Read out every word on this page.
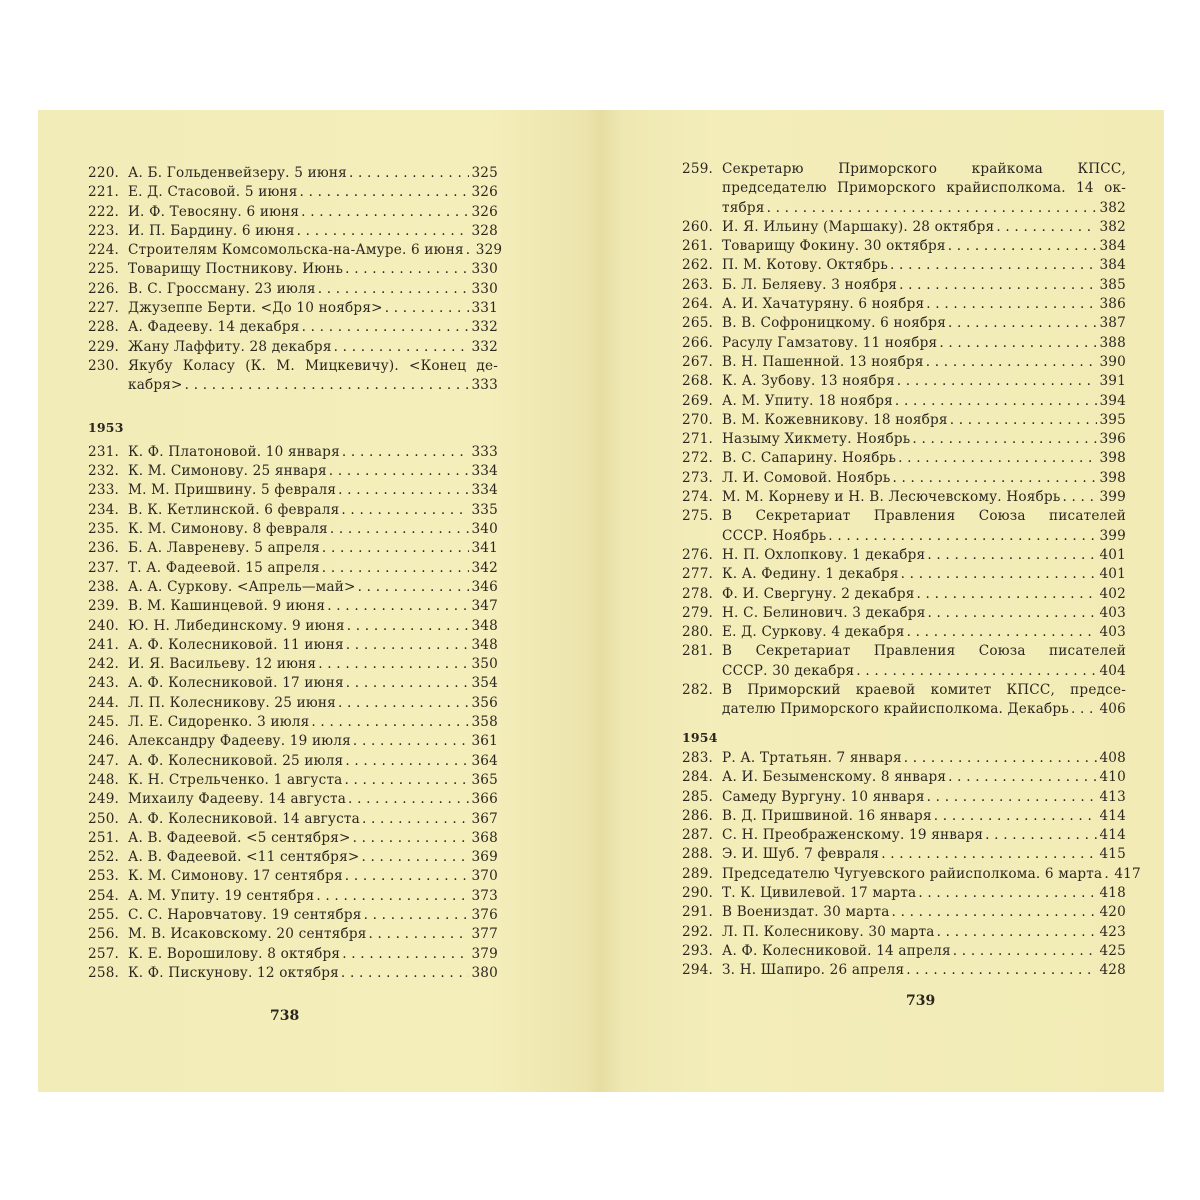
220. А. Б. Гольденвейзеру. 5 июня . . .	325
221. Е. Д. Стасовой. 5 июня . . .	326
222. И. Ф. Тевосяну. 6 июня . . .	326
223. И. П. Бардину. 6 июня . . .	328
224. Строителям Комсомольска-на-Амуре. 6 июня . . . 329
225. Товарищу Постникову. Июнь . . .	330
226. В. С. Гроссману. 23 июля . . .	330
227. Джузеппе Берти. <До 10 ноября> . . .	331
228. А. Фадееву. 14 декабря . . .	332
229. Жану Лаффиту. 28 декабря . . .	332
230. Якубу Коласу (К. М. Мицкевичу). <Конец де-
кабря> . . .	333
1953
231. К. Ф. Платоновой. 10 января . . .	333
232. К. М. Симонову. 25 января . . .	334
233. М. М. Пришвину. 5 февраля . . .	334
234. В. К. Кетлинской. 6 февраля . . .	335
235. К. М. Симонову. 8 февраля . . .	340
236. Б. А. Лавреневу. 5 апреля . . .	341
237. Т. А. Фадеевой. 15 апреля . . .	342
238. А. А. Суркову. <Апрель—май> . . .	346
239. В. М. Кашинцевой. 9 июня . . .	347
240. Ю. Н. Либединскому. 9 июня . . .	348
241. А. Ф. Колесниковой. 11 июня . . .	348
242. И. Я. Васильеву. 12 июня . . .	350
243. А. Ф. Колесниковой. 17 июня . . .	354
244. Л. П. Колесникову. 25 июня . . .	356
245. Л. Е. Сидоренко. 3 июля . . .	358
246. Александру Фадееву. 19 июля . . .	361
247. А. Ф. Колесниковой. 25 июля . . .	364
248. К. Н. Стрельченко. 1 августа . . .	365
249. Михаилу Фадееву. 14 августа . . .	366
250. А. Ф. Колесниковой. 14 августа . . .	367
251. А. В. Фадеевой. <5 сентября> . . .	368
252. А. В. Фадеевой. <11 сентября> . . .	369
253. К. М. Симонову. 17 сентября . . .	370
254. А. М. Упиту. 19 сентября . . .	373
255. С. С. Наровчатову. 19 сентября . . .	376
256. М. В. Исаковскому. 20 сентября . . .	377
257. К. Е. Ворошилову. 8 октября . . .	379
258. К. Ф. Пискунову. 12 октября . . .	380
738
259. Секретарю Приморского крайкома КПСС,
председателю Приморского крайисполкома. 14 ок-
тября . . .	382
260. И. Я. Ильину (Маршаку). 28 октября . . .	382
261. Товарищу Фокину. 30 октября . . .	384
262. П. М. Котову. Октябрь . . .	384
263. Б. Л. Беляеву. 3 ноября . . .	385
264. А. И. Хачатуряну. 6 ноября . . .	386
265. В. В. Софроницкому. 6 ноября . . .	387
266. Расулу Гамзатову. 11 ноября . . .	388
267. В. Н. Пашенной. 13 ноября . . .	390
268. К. А. Зубову. 13 ноября . . .	391
269. А. М. Упиту. 18 ноября . . .	394
270. В. М. Кожевникову. 18 ноября . . .	395
271. Назыму Хикмету. Ноябрь . . .	396
272. В. С. Сапарину. Ноябрь . . .	398
273. Л. И. Сомовой. Ноябрь . . .	398
274. М. М. Корневу и Н. В. Лесючевскому. Ноябрь . . .	399
275. В Секретариат Правления Союза писателей
СССР. Ноябрь . . .	399
276. Н. П. Охлопкову. 1 декабря . . .	401
277. К. А. Федину. 1 декабря . . .	401
278. Ф. И. Свергуну. 2 декабря . . .	402
279. Н. С. Белинович. 3 декабря . . .	403
280. Е. Д. Суркову. 4 декабря . . .	403
281. В Секретариат Правления Союза писателей
СССР. 30 декабря . . .	404
282. В Приморский краевой комитет КПСС, предсе-
дателю Приморского крайисполкома. Декабрь . . . 406
1954
283. Р. А. Тртатьян. 7 января . . .	408
284. А. И. Безыменскому. 8 января . . .	410
285. Самеду Вургуну. 10 января . . .	413
286. В. Д. Пришвиной. 16 января . . .	414
287. С. Н. Преображенскому. 19 января . . .	414
288. Э. И. Шуб. 7 февраля . . .	415
289. Председателю Чугуевского райисполкома. 6 марта . . . 417
290. Т. К. Цивилевой. 17 марта . . .	418
291. В Воениздат. 30 марта . . .	420
292. Л. П. Колесникову. 30 марта . . .	423
293. А. Ф. Колесниковой. 14 апреля . . .	425
294. З. Н. Шапиро. 26 апреля . . .	428
739
